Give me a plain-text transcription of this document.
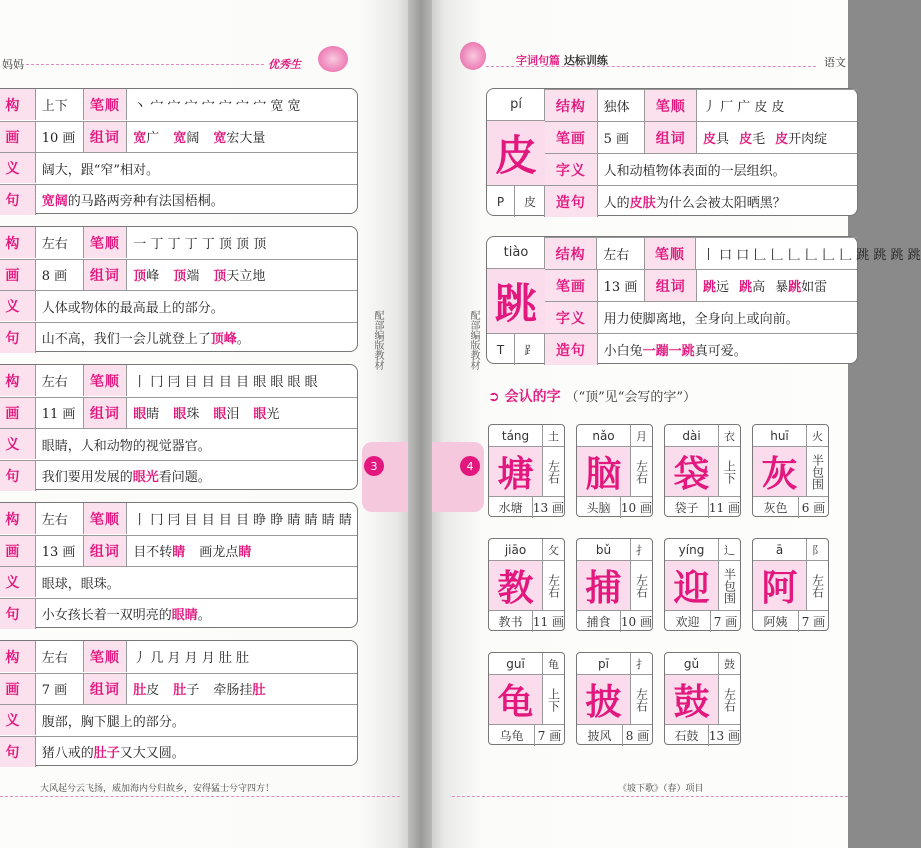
妈妈	优秀生
构	上下	笔顺	丶 宀 宀 宀 宀 宀 宀 宀 宽 宽
画	10 画	组词	宽广 宽阔 宽宏大量
义	阔大，跟“窄”相对。
句	宽阔 的马路两旁种有法国梧桐。
构	左右	笔顺	一 丁 丁 丁 丁 顶 顶 顶
画	8 画	组词	顶峰 顶端 顶天立地
义	人体或物体的最高最上的部分。
句	山不高，我们一会儿就登上了 顶峰 。
构	左右	笔顺	丨 冂 冃 目 目 目 目 眼 眼 眼 眼
画	11 画	组词	眼睛 眼珠 眼泪 眼光
义	眼睛，人和动物的视觉器官。
句	我们要用发展的 眼光 看问题。
构	左右	笔顺	丨 冂 冃 目 目 目 目 睁 睁 睛 睛 睛 睛
画	13 画	组词	目不转睛 画龙点睛
义	眼球，眼珠。
句	小女孩长着一双明亮的 眼睛 。
构	左右	笔顺	丿 几 月 月 月 肚 肚
画	7 画	组词	肚皮 肚子 牵肠挂肚
义	腹部，胸下腿上的部分。
句	猪八戒的 肚子 又大又圆。
配部编版教材
3
大风起兮云飞扬，威加海内兮归故乡，安得猛士兮守四方！
字词句篇 达标训练	语文
配部编版教材
4
pí
皮
P	皮
结构	独体	笔顺	丿 厂 广 皮 皮
笔画	5 画	组词	皮具 皮毛 皮开肉绽
字义	人和动植物体表面的一层组织。
造句	人的 皮肤 为什么会被太阳晒黑？
tiào
跳
T	⻊
结构	左右	笔顺	丨 口 口 𠃊 𠃊 𠃊 𠃊 𠃊 𠃊 跳 跳 跳 跳
笔画	13 画	组词	跳远 跳高 暴跳如雷
字义	用力使脚离地，全身向上或向前。
造句	小白兔 一蹦一跳 真可爱。
➲ 会认的字 （“顶”见“会写的字”）
táng	土
塘	左右
水塘 13 画
nǎo	月
脑	左右
头脑 10 画
dài	衣
袋	上下
袋子 11 画
huī	火
灰	半包围
灰色	6 画
jiāo	攵
教	左右
教书 11 画
bǔ	扌
捕	左右
捕食 10 画
yíng	辶
迎	半包围
欢迎	7 画
ā	阝
阿	左右
阿姨	7 画
guī	龟
龟	上下
乌龟	7 画
pī	扌
披	左右
披风	8 画
gǔ	鼓
鼓	左右
石鼓 13 画
《坡下歌》（春）项目
